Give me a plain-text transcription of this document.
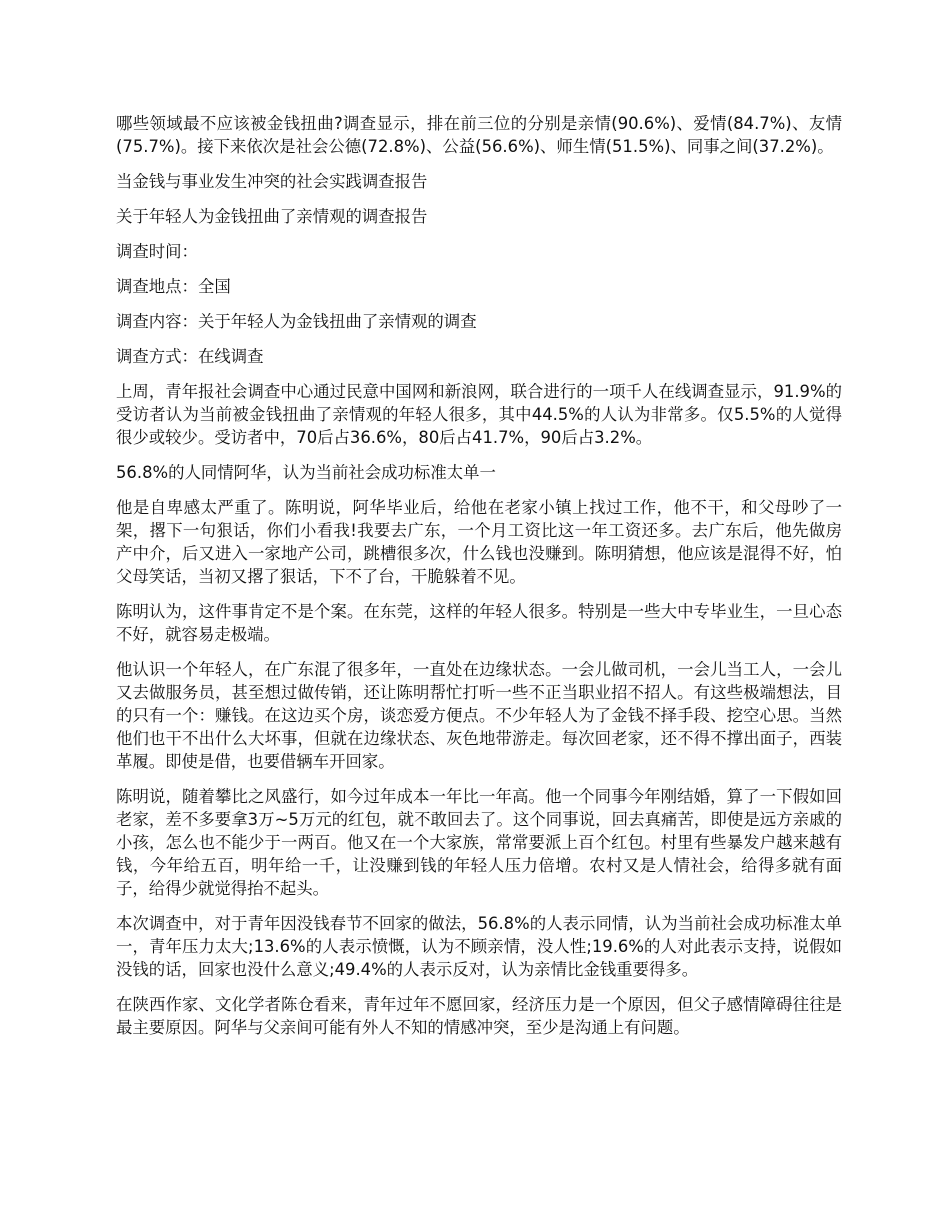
哪些领域最不应该被金钱扭曲?调查显示，排在前三位的分别是亲情(90.6%)、爱情(84.7%)、友情(75.7%)。接下来依次是社会公德(72.8%)、公益(56.6%)、师生情(51.5%)、同事之间(37.2%)。

当金钱与事业发生冲突的社会实践调查报告

关于年轻人为金钱扭曲了亲情观的调查报告

调查时间：

调查地点：全国

调查内容：关于年轻人为金钱扭曲了亲情观的调查

调查方式：在线调查

上周，青年报社会调查中心通过民意中国网和新浪网，联合进行的一项千人在线调查显示，91.9%的受访者认为当前被金钱扭曲了亲情观的年轻人很多，其中44.5%的人认为非常多。仅5.5%的人觉得很少或较少。受访者中，70后占36.6%，80后占41.7%，90后占3.2%。

56.8%的人同情阿华，认为当前社会成功标准太单一

他是自卑感太严重了。陈明说，阿华毕业后，给他在老家小镇上找过工作，他不干，和父母吵了一架，撂下一句狠话，你们小看我!我要去广东，一个月工资比这一年工资还多。去广东后，他先做房产中介，后又进入一家地产公司，跳槽很多次，什么钱也没赚到。陈明猜想，他应该是混得不好，怕父母笑话，当初又撂了狠话，下不了台，干脆躲着不见。

陈明认为，这件事肯定不是个案。在东莞，这样的年轻人很多。特别是一些大中专毕业生，一旦心态不好，就容易走极端。

他认识一个年轻人，在广东混了很多年，一直处在边缘状态。一会儿做司机，一会儿当工人，一会儿又去做服务员，甚至想过做传销，还让陈明帮忙打听一些不正当职业招不招人。有这些极端想法，目的只有一个：赚钱。在这边买个房，谈恋爱方便点。不少年轻人为了金钱不择手段、挖空心思。当然他们也干不出什么大坏事，但就在边缘状态、灰色地带游走。每次回老家，还不得不撑出面子，西装革履。即使是借，也要借辆车开回家。

陈明说，随着攀比之风盛行，如今过年成本一年比一年高。他一个同事今年刚结婚，算了一下假如回老家，差不多要拿3万~5万元的红包，就不敢回去了。这个同事说，回去真痛苦，即使是远方亲戚的小孩，怎么也不能少于一两百。他又在一个大家族，常常要派上百个红包。村里有些暴发户越来越有钱，今年给五百，明年给一千，让没赚到钱的年轻人压力倍增。农村又是人情社会，给得多就有面子，给得少就觉得抬不起头。

本次调查中，对于青年因没钱春节不回家的做法，56.8%的人表示同情，认为当前社会成功标准太单一，青年压力太大;13.6%的人表示愤慨，认为不顾亲情，没人性;19.6%的人对此表示支持，说假如没钱的话，回家也没什么意义;49.4%的人表示反对，认为亲情比金钱重要得多。

在陕西作家、文化学者陈仓看来，青年过年不愿回家，经济压力是一个原因，但父子感情障碍往往是最主要原因。阿华与父亲间可能有外人不知的情感冲突，至少是沟通上有问题。
